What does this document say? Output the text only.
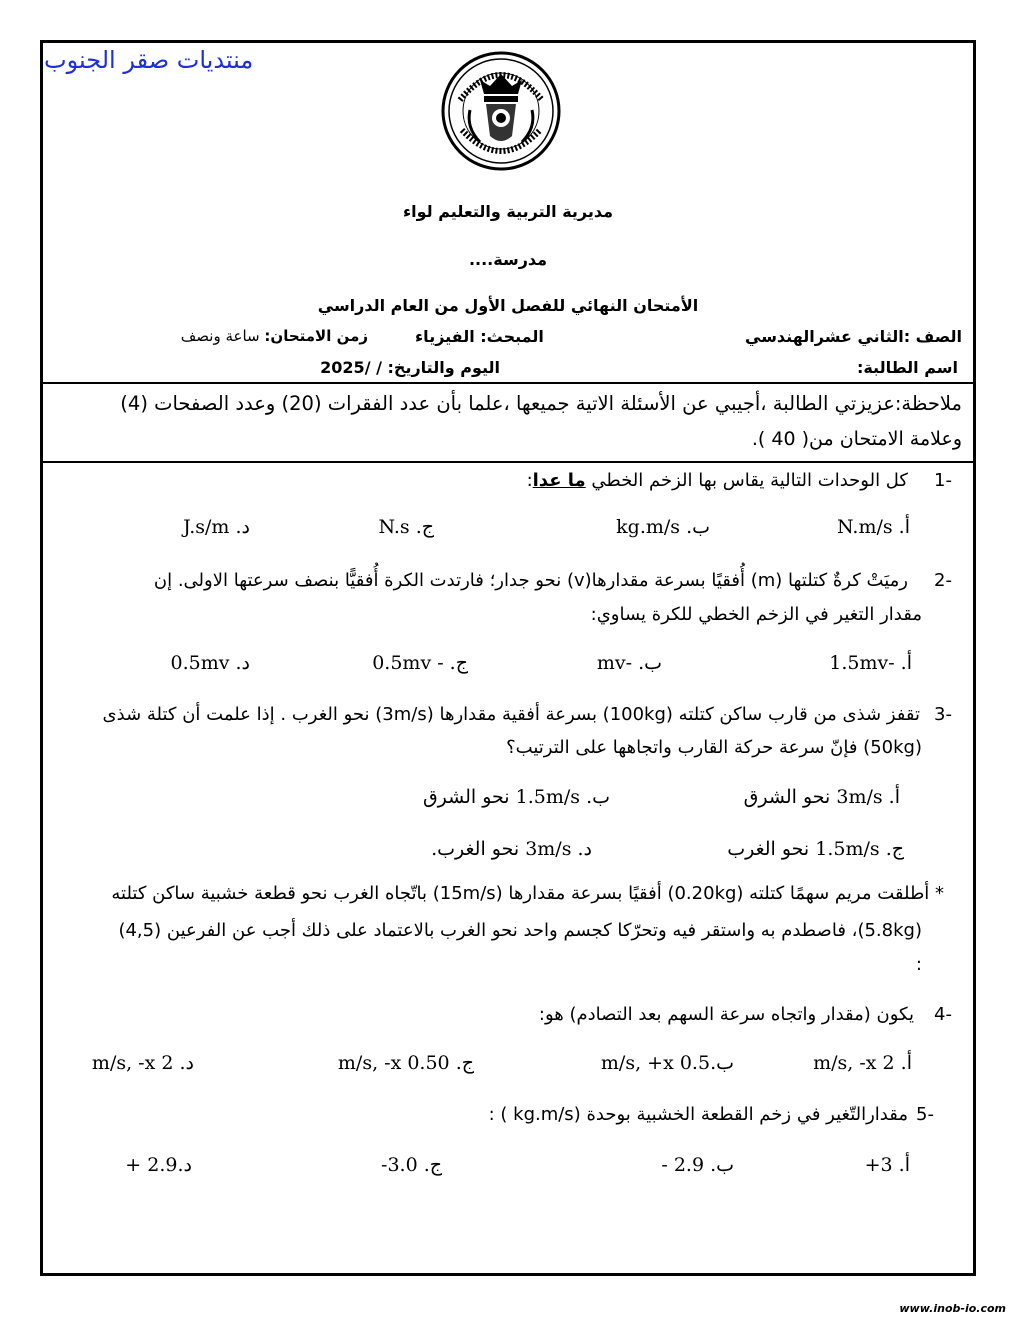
منتديات صقر الجنوب
مديرية التربية والتعليم لواء
مدرسة....
الأمتحان النهائي للفصل الأول من العام الدراسي
الصف :الثاني عشرالهندسي
المبحث: الفيزياء
زمن الامتحان: ساعة ونصف
اسم الطالبة:
اليوم والتاريخ: / /2025
ملاحظة:عزيزتي الطالبة ،أجيبي عن الأسئلة الاتية جميعها ،علما بأن عدد الفقرات (20) وعدد الصفحات (4)
وعلامة الامتحان من( 40 ).
-1
كل الوحدات التالية يقاس بها الزخم الخطي ما عدا:
أ. N.m/s
ب. kg.m/s
ج. N.s
د. J.s/m
-2
رميَتْ كرةٌ كتلتها (m) أُفقيًا بسرعة مقدارها(v) نحو جدار؛ فارتدت الكرة أُفقيًّا بنصف سرعتها الاولى. إن
مقدار التغير في الزخم الخطي للكرة يساوي:
أ. -1.5mv
ب. -mv
ج. - 0.5mv
د. 0.5mv
-3
تقفز شذى من قارب ساكن كتلته (100kg) بسرعة أفقية مقدارها (3m/s) نحو الغرب . إذا علمت أن كتلة شذى
(50kg) فإنّ سرعة حركة القارب واتجاهها على الترتيب؟
أ. 3m/s نحو الشرق
ب. 1.5m/s نحو الشرق
ج. 1.5m/s نحو الغرب
د. 3m/s نحو الغرب.
* أطلقت مريم سهمًا كتلته (0.20kg) أفقيًا بسرعة مقدارها (15m/s) باتّجاه الغرب نحو قطعة خشبية ساكن كتلته
(5.8kg)، فاصطدم به واستقر فيه وتحرّكا كجسم واحد نحو الغرب بالاعتماد على ذلك أجب عن الفرعين (4,5)
:
-4
يكون (مقدار واتجاه سرعة السهم بعد التصادم) هو:
أ. 2 m/s, -x
ب.0.5 m/s, +x
ج. 0.50 m/s, -x
د. 2 m/s, -x
-5
مقدارالتّغير في زخم القطعة الخشبية بوحدة (kg.m/s ) :
أ. 3+
ب. 2.9 -
ج. 3.0-
د.2.9 +
www.inob-io.com
